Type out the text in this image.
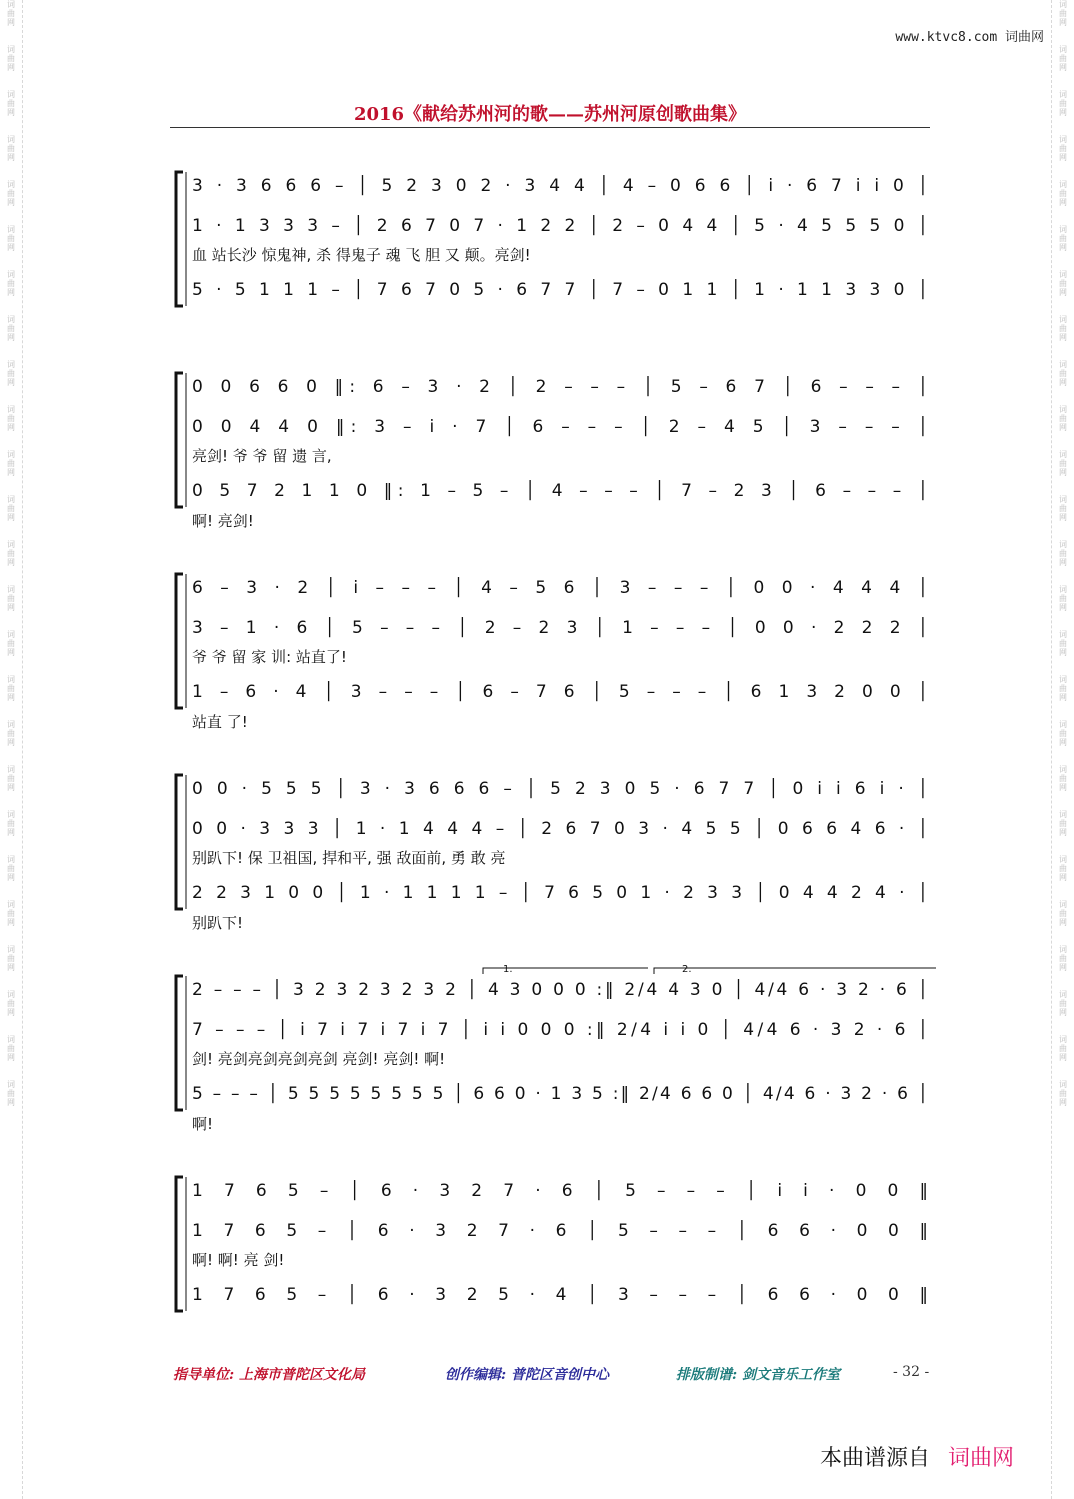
词
曲
网

词
曲
网

词
曲
网

词
曲
网

词
曲
网

词
曲
网

词
曲
网

词
曲
网

词
曲
网

词
曲
网

词
曲
网

词
曲
网

词
曲
网

词
曲
网

词
曲
网

词
曲
网

词
曲
网

词
曲
网

词
曲
网

词
曲
网

词
曲
网

词
曲
网

词
曲
网

词
曲
网

词
曲
网

词
曲
网

词
曲
网

词
曲
网

词
曲
网

词
曲
网

词
曲
网

词
曲
网

词
曲
网

词
曲
网

词
曲
网

词
曲
网

词
曲
网

词
曲
网

词
曲
网

词
曲
网

词
曲
网

词
曲
网

词
曲
网

词
曲
网

词
曲
网

词
曲
网

词
曲
网

词
曲
网

词
曲
网

词
曲
网

www.ktvc8.com 词曲网
2016《献给苏州河的歌——苏州河原创歌曲集》
3 · 3 6 6 6 – │ 5 2 3 0 2 · 3 4 4 │ 4 – 0 6 6 │ i · 6 7 i i 0 │
1 · 1 3 3 3 – │ 2 6 7 0 7 · 1 2 2 │ 2 – 0 4 4 │ 5 · 4 5 5 5 0 │
血 站长沙 惊鬼神, 杀 得鬼子 魂 飞 胆 又 颠。亮剑!
5 · 5 1 1 1 – │ 7 6 7 0 5 · 6 7 7 │ 7 – 0 1 1 │ 1 · 1 1 3 3 0 │
0 0 6 6 0 ‖: 6 – 3 · 2 │ 2 – – – │ 5 – 6 7 │ 6 – – – │
0 0 4 4 0 ‖: 3 – i · 7 │ 6 – – – │ 2 – 4 5 │ 3 – – – │
亮剑! 爷 爷 留 遗 言,
0 5 7 2 1 1 0 ‖: 1 – 5 – │ 4 – – – │ 7 – 2 3 │ 6 – – – │
啊! 亮剑!
6 – 3 · 2 │ i – – – │ 4 – 5 6 │ 3 – – – │ 0 0 · 4 4 4 │
3 – 1 · 6 │ 5 – – – │ 2 – 2 3 │ 1 – – – │ 0 0 · 2 2 2 │
爷 爷 留 家 训: 站直了!
1 – 6 · 4 │ 3 – – – │ 6 – 7 6 │ 5 – – – │ 6 1 3 2 0 0 │
站直 了!
0 0 · 5 5 5 │ 3 · 3 6 6 6 – │ 5 2 3 0 5 · 6 7 7 │ 0 i i 6 i · │
0 0 · 3 3 3 │ 1 · 1 4 4 4 – │ 2 6 7 0 3 · 4 5 5 │ 0 6 6 4 6 · │
别趴下! 保 卫祖国, 捍和平, 强 敌面前, 勇 敢 亮
2 2 3 1 0 0 │ 1 · 1 1 1 1 – │ 7 6 5 0 1 · 2 3 3 │ 0 4 4 2 4 · │
别趴下!
1.	2.
2 – – – │ 3 2 3 2 3 2 3 2 │ 4 3 0 0 0 :‖ 2/4 4 3 0 │ 4/4 6 · 3 2 · 6 │
7 – – – │ i 7 i 7 i 7 i 7 │ i i 0 0 0 :‖ 2/4 i i 0 │ 4/4 6 · 3 2 · 6 │
剑! 亮剑亮剑亮剑亮剑 亮剑! 亮剑! 啊!
5 – – – │ 5 5 5 5 5 5 5 5 │ 6 6 0 · 1 3 5 :‖ 2/4 6 6 0 │ 4/4 6 · 3 2 · 6 │
啊!
1 7 6 5 – │ 6 · 3 2 7 · 6 │ 5 – – – │ i i · 0 0 ‖
1 7 6 5 – │ 6 · 3 2 7 · 6 │ 5 – – – │ 6 6 · 0 0 ‖
啊! 啊! 亮 剑!
1 7 6 5 – │ 6 · 3 2 5 · 4 │ 3 – – – │ 6 6 · 0 0 ‖
指导单位: 上海市普陀区文化局	创作编辑: 普陀区音创中心	排版制谱: 剑文音乐工作室	- 32 -
本曲谱源自 词曲网
